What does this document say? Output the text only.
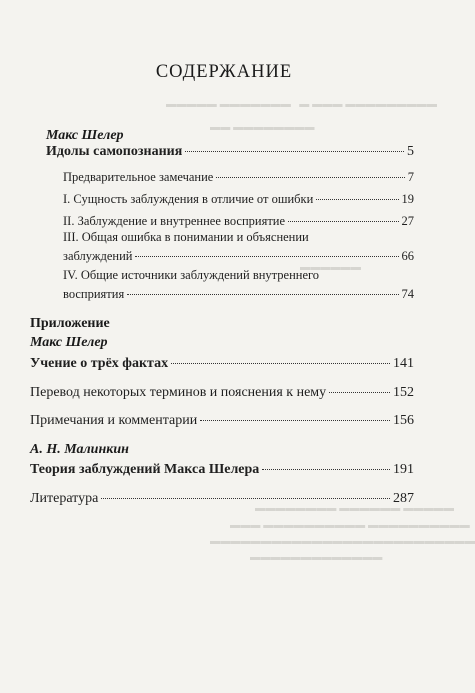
▬▬▬▬▬ ▬▬▬▬▬▬▬   ▬ ▬▬▬ ▬▬▬▬▬▬▬▬▬
▬▬ ▬▬▬▬▬▬▬▬
▬▬▬▬▬▬
▬▬▬▬▬▬▬▬ ▬▬▬▬▬▬ ▬▬▬▬▬
▬▬▬ ▬▬▬▬▬▬▬▬▬▬ ▬▬▬▬▬▬▬▬▬▬
▬▬▬▬▬▬▬▬▬▬▬▬▬▬▬▬▬▬▬▬▬▬▬▬▬▬
▬▬▬▬▬▬▬▬▬▬▬▬▬
СОДЕРЖАНИЕ
Макс Шелер
Идолы самопознания	5
Предварительное замечание	7
I. Сущность заблуждения в отличие от ошибки	19
II. Заблуждение и внутреннее восприятие	27
III. Общая ошибка в понимании и объяснении
заблуждений	66
IV. Общие источники заблуждений внутреннего
восприятия	74
Приложение
Макс Шелер
Учение о трёх фактах	141
Перевод некоторых терминов и пояснения к нему	152
Примечания и комментарии	156
А. Н. Малинкин
Теория заблуждений Макса Шелера	191
Литература	287
